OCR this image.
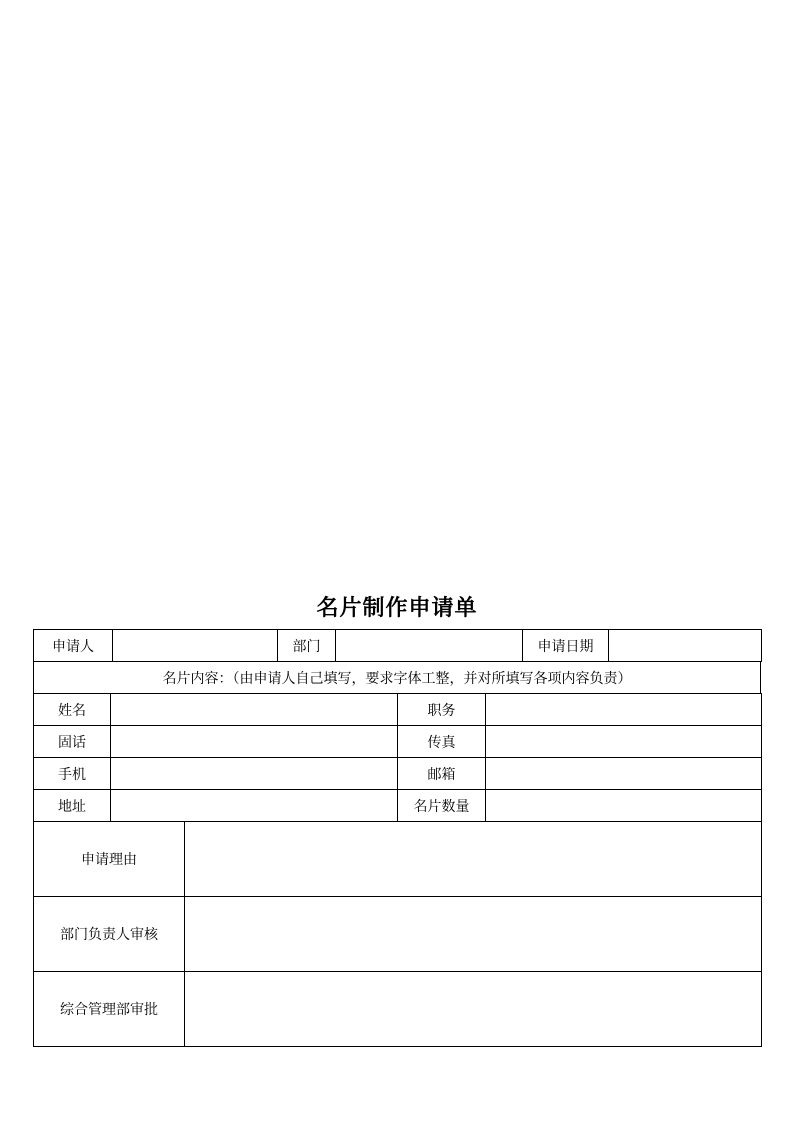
名片制作申请单
申请人		部门		申请日期	
名片内容：（由申请人自己填写，要求字体工整，并对所填写各项内容负责）
姓名		职务	
固话		传真	
手机		邮箱	
地址		名片数量	
申请理由	
部门负责人审核	
综合管理部审批	
